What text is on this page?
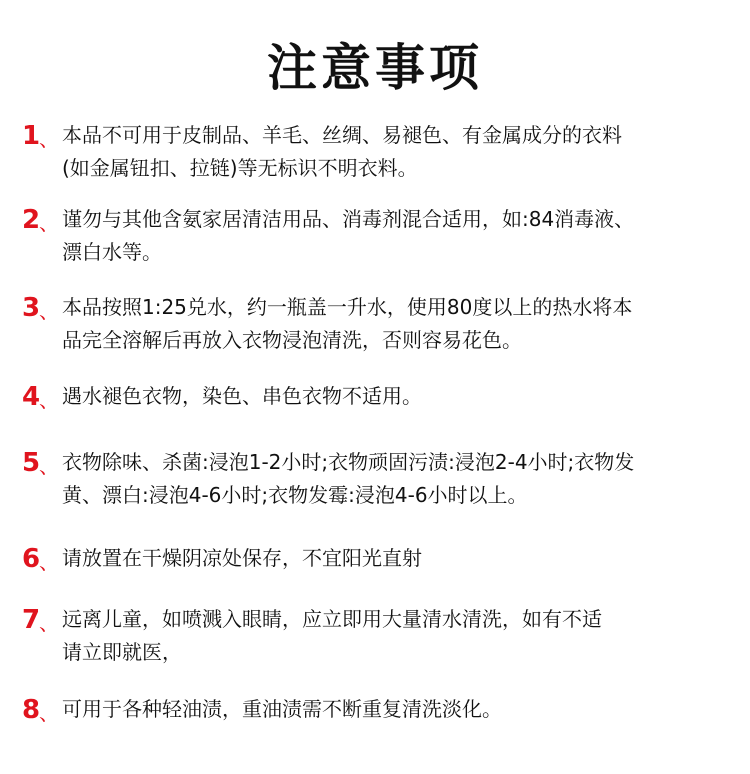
注意事项
1
、 本品不可用于皮制品、羊毛、丝绸、易褪色、有金属成分的衣料
(如金属钮扣、拉链)等无标识不明衣料。
2
、 谨勿与其他含氨家居清洁用品、消毒剂混合适用，如:84消毒液、
漂白水等。
3
、 本品按照1:25兑水，约一瓶盖一升水，使用80度以上的热水将本
品完全溶解后再放入衣物浸泡清洗，否则容易花色。
4
、 遇水褪色衣物，染色、串色衣物不适用。
5
、 衣物除味、杀菌:浸泡1-2小时;衣物顽固污渍:浸泡2-4小时;衣物发
黄、漂白:浸泡4-6小时;衣物发霉:浸泡4-6小时以上。
6
、 请放置在干燥阴凉处保存，不宜阳光直射
7
、 远离儿童，如喷溅入眼睛，应立即用大量清水清洗，如有不适
请立即就医，
8
、 可用于各种轻油渍，重油渍需不断重复清洗淡化。
